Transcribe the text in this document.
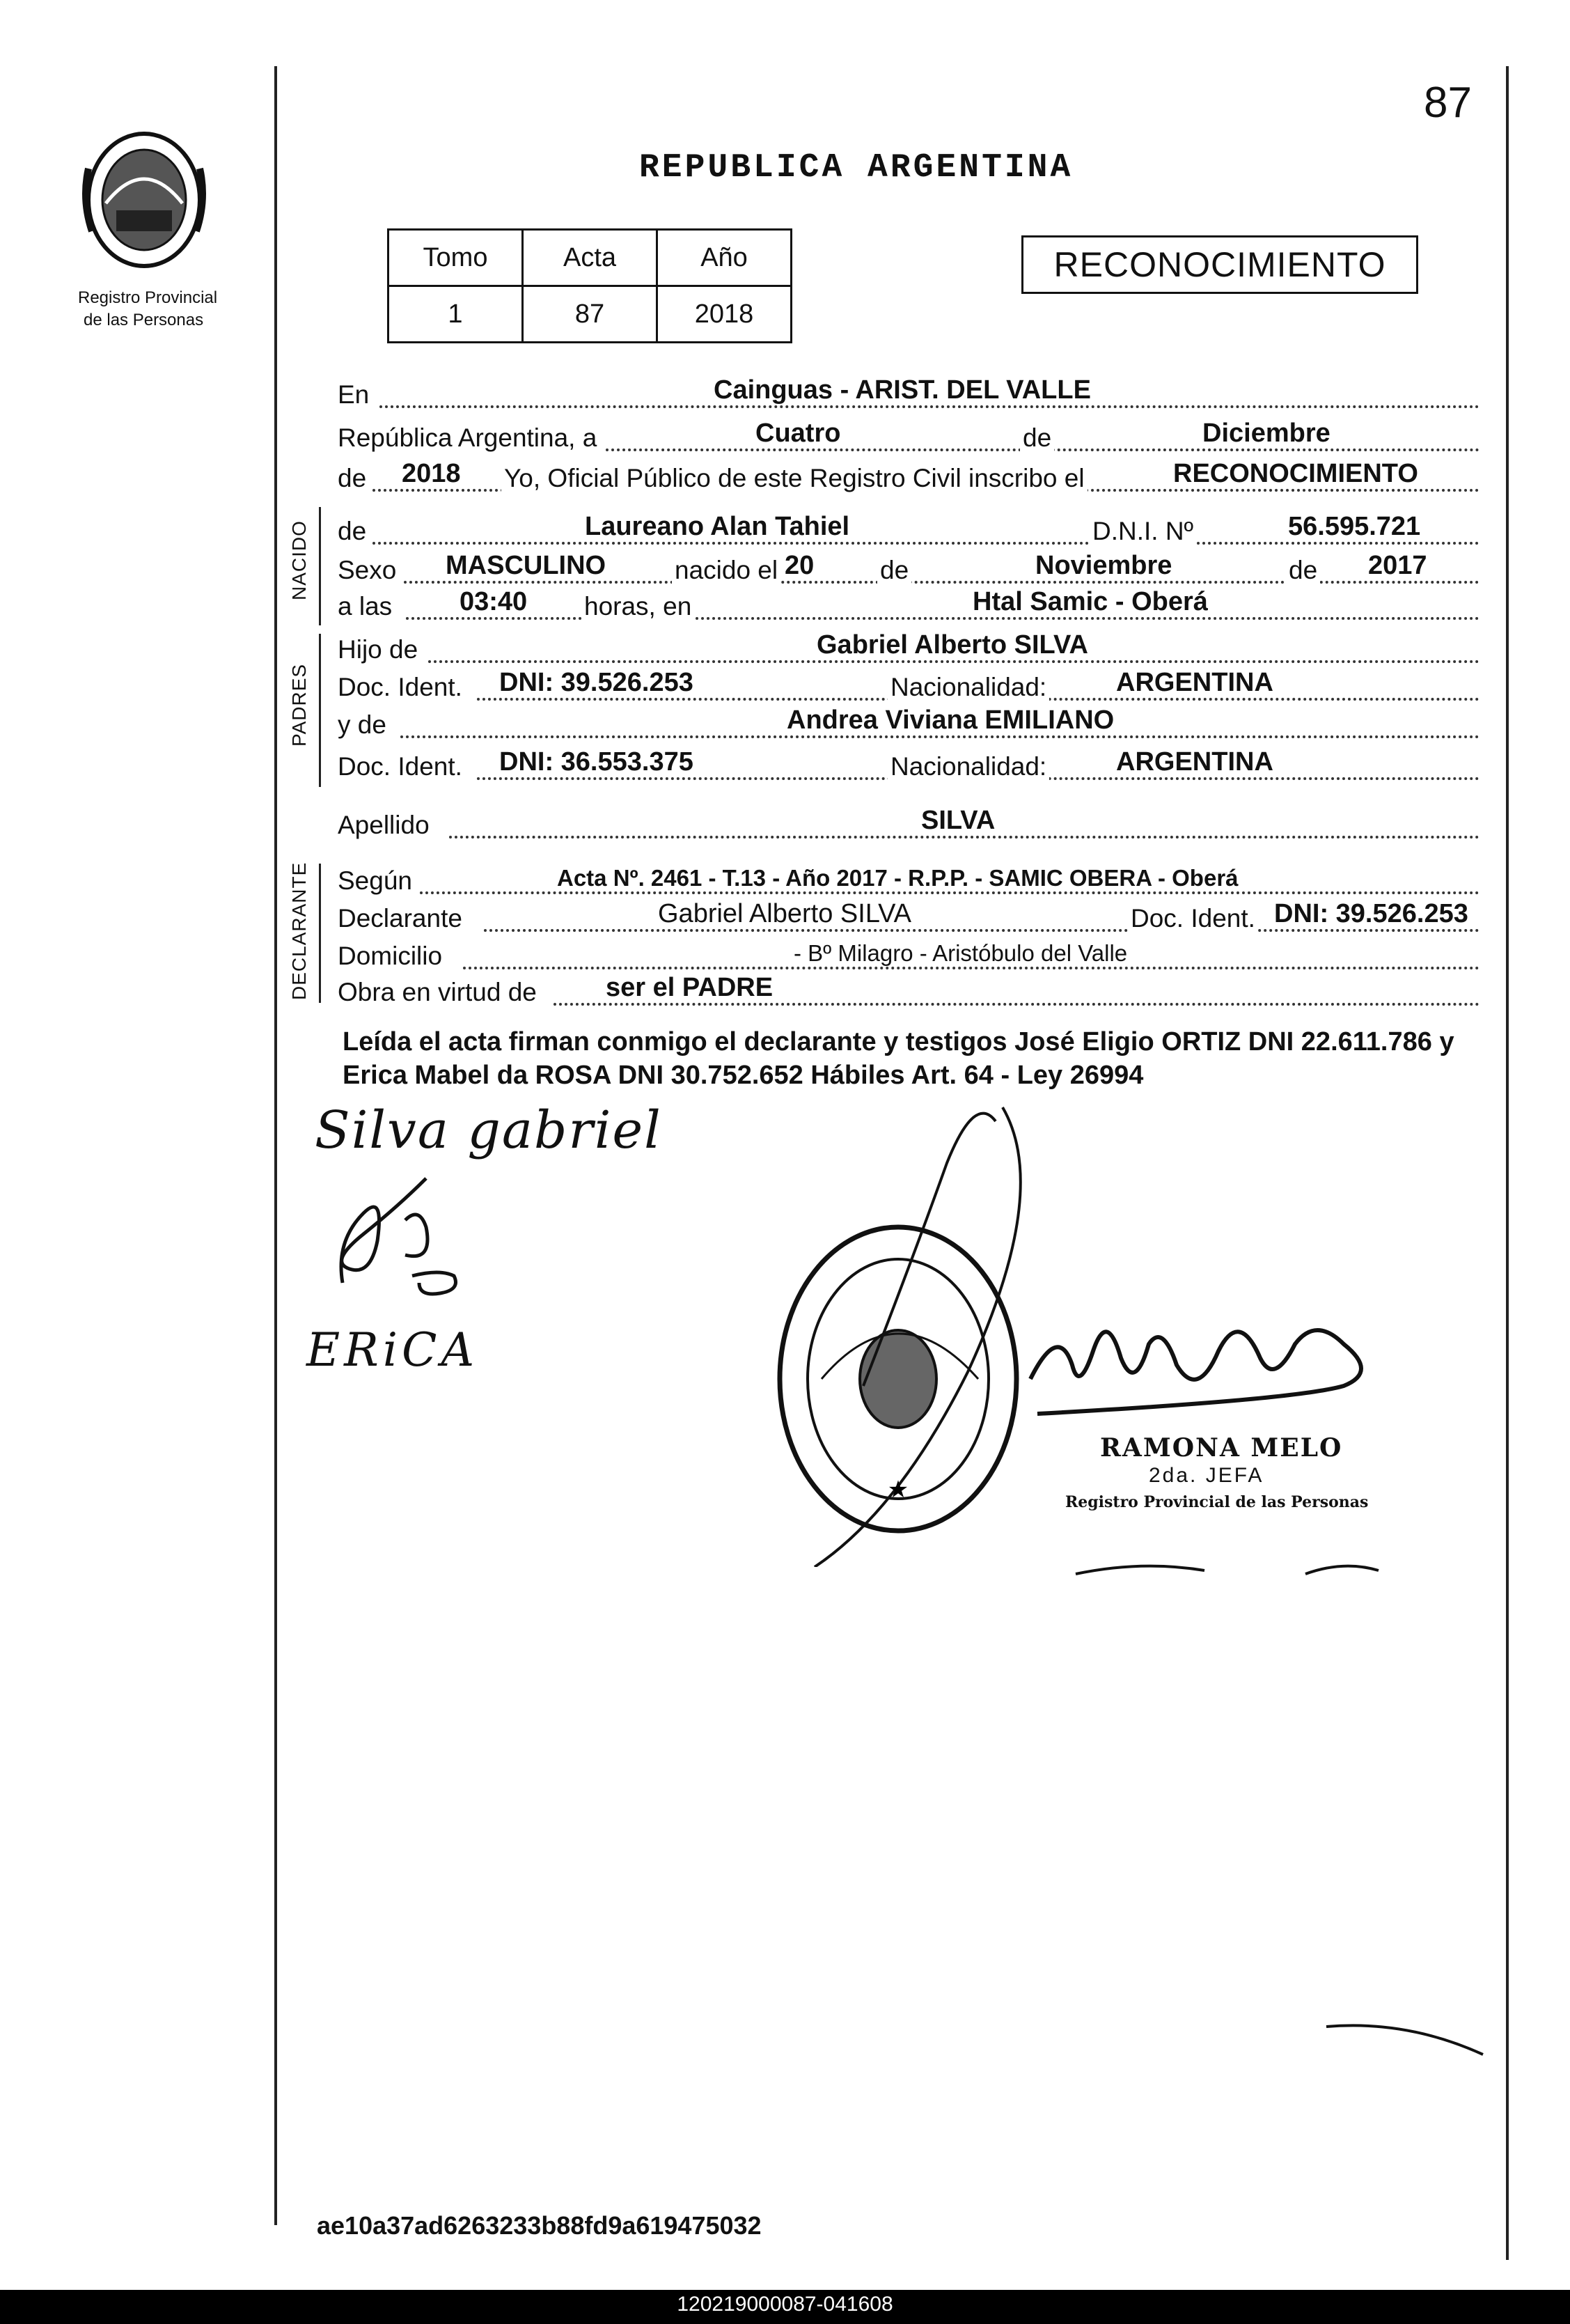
87
Registro Provincial
de las Personas
REPUBLICA ARGENTINA
Tomo	Acta	Año
1	87	2018
RECONOCIMIENTO
En	Cainguas - ARIST. DEL VALLE
República Argentina, a	Cuatro	de	Diciembre
de 2018 Yo, Oficial Público de este Registro Civil inscribo el	RECONOCIMIENTO
NACIDO de	Laureano Alan Tahiel	D.N.I. Nº	56.595.721
Sexo MASCULINO	nacido el 20	de	Noviembre	de 2017
a las	03:40 horas, en	Htal Samic - Oberá
PADRES
Hijo de	Gabriel Alberto SILVA
Doc. Ident. DNI: 39.526.253	Nacionalidad:	ARGENTINA
y de	Andrea Viviana EMILIANO
Doc. Ident. DNI: 36.553.375	Nacionalidad:	ARGENTINA
Apellido	SILVA
DECLARANTE Según	Acta Nº. 2461 - T.13 - Año 2017 - R.P.P. - SAMIC OBERA - Oberá
Declarante	Gabriel Alberto SILVA	Doc. Ident. DNI: 39.526.253
Domicilio	- Bº Milagro - Aristóbulo del Valle
Obra en virtud de	ser el PADRE
Leída el acta firman conmigo el declarante y testigos José Eligio ORTIZ DNI 22.611.786 y Erica Mabel da ROSA DNI 30.752.652 Hábiles Art. 64 - Ley 26994
Silva gabriel
ERiCA
★
RAMONA MELO
2da. JEFA
Registro Provincial de las Personas
ae10a37ad6263233b88fd9a619475032
120219000087-041608
